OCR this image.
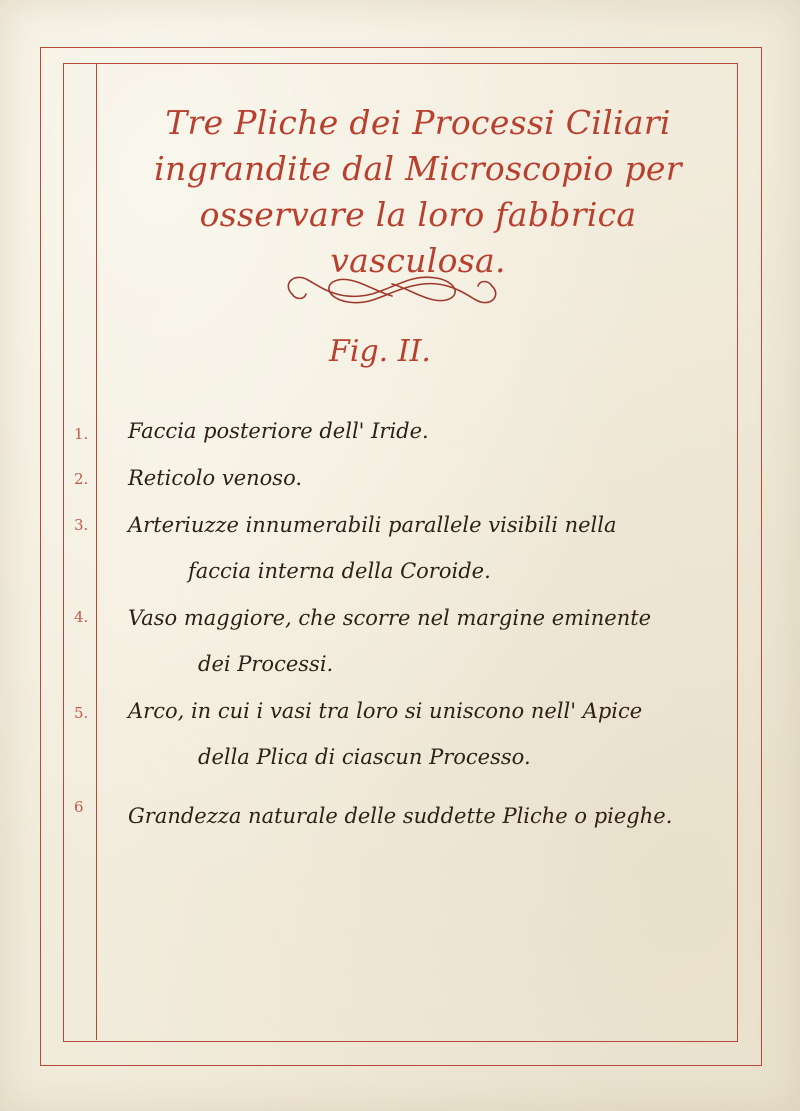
Tre Pliche dei Processi Ciliari ingrandite dal Microscopio per osservare la loro fabbrica vasculosa.
Fig. II.
1.	Faccia posteriore dell' Iride.
2.	Reticolo venoso.
3.	Arteriuzze innumerabili parallele visibili nella
faccia interna della Coroide.
4.	Vaso maggiore, che scorre nel margine eminente
dei Processi.
5.	Arco, in cui i vasi tra loro si uniscono nell' Apice
della Plica di ciascun Processo.
6	Grandezza naturale delle suddette Pliche o pieghe.
